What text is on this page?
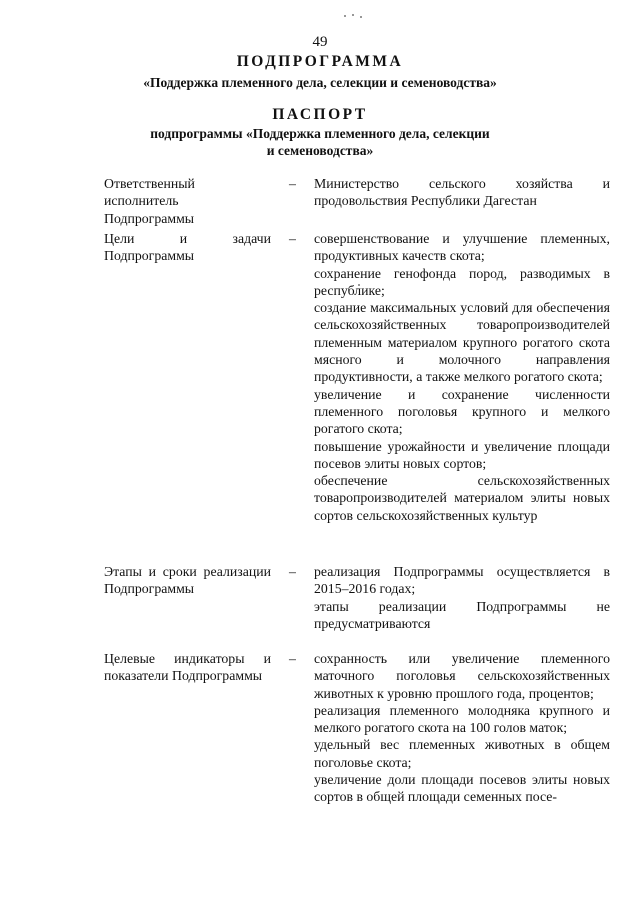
49
ПОДПРОГРАММА
«Поддержка племенного дела, селекции и семеноводства»
ПАСПОРТ
подпрограммы «Поддержка племенного дела, селекции
и семеноводства»
Ответственный исполнитель Подпрограммы
–	Министерство сельского хозяйства и продовольствия Республики Дагестан

Цели и задачи Подпрограммы
–	совершенствование и улучшение племенных, продуктивных качеств скота;

сохранение генофонда пород, разводимых в республике;

создание максимальных условий для обеспечения сельскохозяйственных товаропроизводителей племенным материалом крупного рогатого скота мясного и молочного направления продуктивности, а также мелкого рогатого скота;

увеличение и сохранение численности племенного поголовья крупного и мелкого рогатого скота;

повышение урожайности и увеличение площади посевов элиты новых сортов;

обеспечение сельскохозяйственных товаропроизводителей материалом элиты новых сортов сельскохозяйственных культур

Этапы и сроки реализации Подпрограммы
–	реализация Подпрограммы осуществляется в 2015–2016 годах;

этапы реализации Подпрограммы не предусматриваются

Целевые индикаторы и показатели Подпрограммы
–	сохранность или увеличение племенного маточного поголовья сельскохозяйственных животных к уровню прошлого года, процентов;

реализация племенного молодняка крупного и мелкого рогатого скота на 100 голов маток;

удельный вес племенных животных в общем поголовье скота;

увеличение доли площади посевов элиты новых сортов в общей площади семенных посе-
